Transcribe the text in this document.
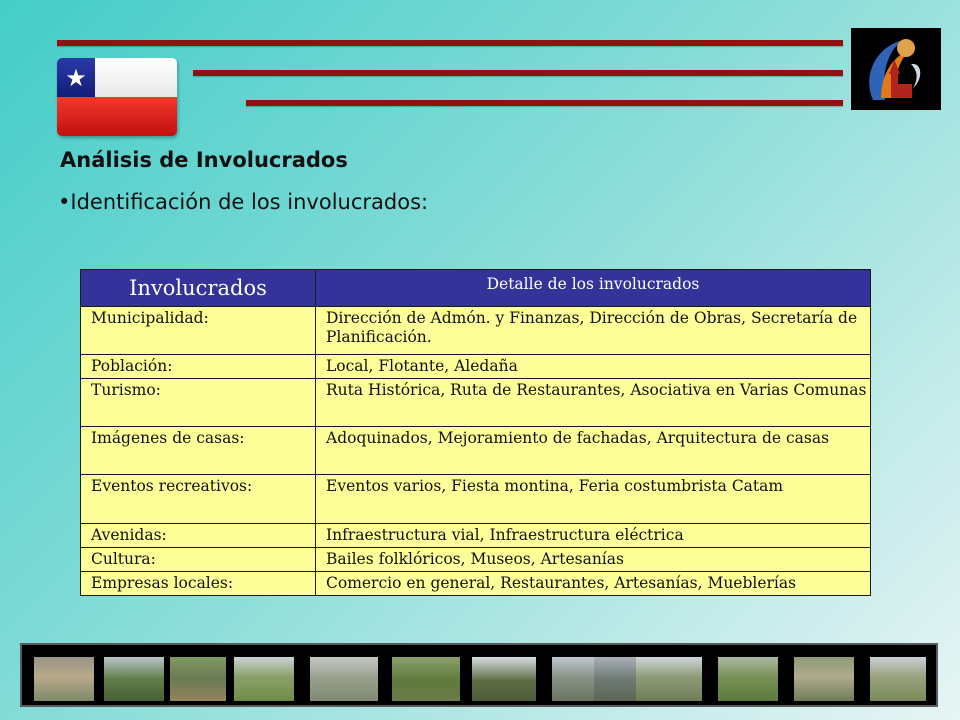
★
Análisis de Involucrados
•Identificación de los involucrados:
Involucrados	Detalle de los involucrados
Municipalidad:	Dirección de Admón. y Finanzas, Dirección de Obras, Secretaría de Planificación.
Población:	Local, Flotante, Aledaña
Turismo:	Ruta Histórica, Ruta de Restaurantes, Asociativa en Varias Comunas
Imágenes de casas:	Adoquinados, Mejoramiento de fachadas, Arquitectura de casas
Eventos recreativos:	Eventos varios, Fiesta montina, Feria costumbrista Catam
Avenidas:	Infraestructura vial, Infraestructura eléctrica
Cultura:	Bailes folklóricos, Museos, Artesanías
Empresas locales:	Comercio en general, Restaurantes, Artesanías, Mueblerías
